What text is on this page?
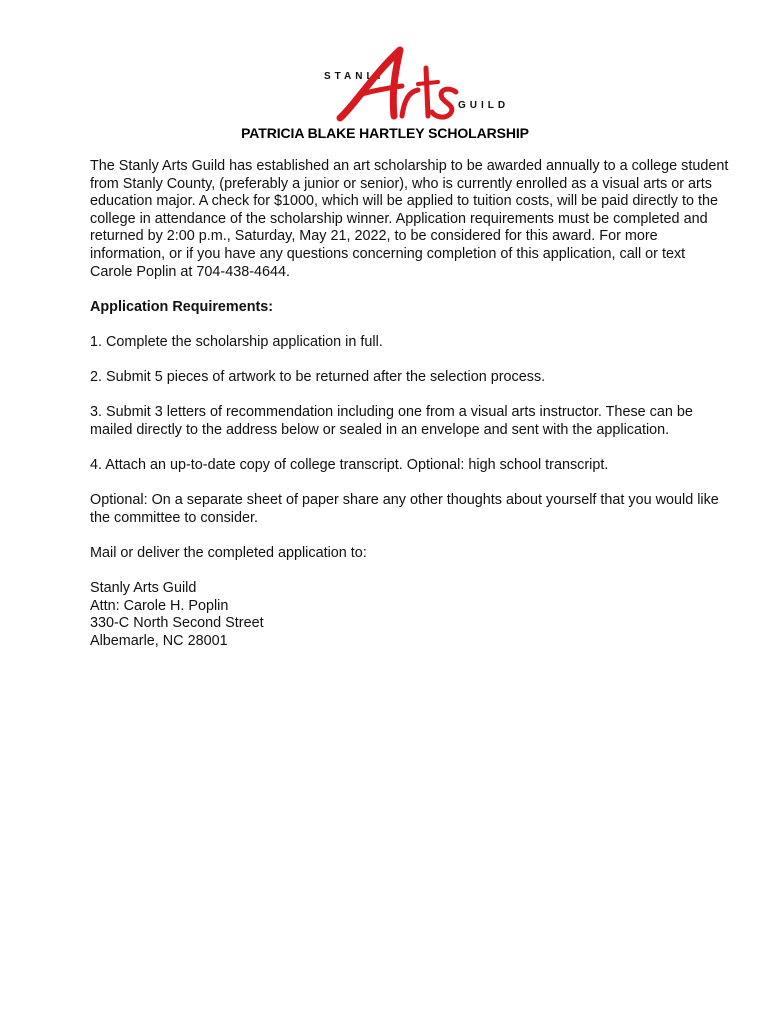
STANLY
GUILD
PATRICIA BLAKE HARTLEY SCHOLARSHIP

The Stanly Arts Guild has established an art scholarship to be awarded annually to a college student from Stanly County, (preferably a junior or senior), who is currently enrolled as a visual arts or arts education major. A check for $1000, which will be applied to tuition costs, will be paid directly to the college in attendance of the scholarship winner. Application requirements must be completed and returned by 2:00 p.m., Saturday, May 21, 2022, to be considered for this award. For more information, or if you have any questions concerning completion of this application, call or text Carole Poplin at 704-438-4644.

Application Requirements:

1. Complete the scholarship application in full.

2. Submit 5 pieces of artwork to be returned after the selection process.

3. Submit 3 letters of recommendation including one from a visual arts instructor. These can be mailed directly to the address below or sealed in an envelope and sent with the application.

4. Attach an up-to-date copy of college transcript. Optional: high school transcript.

Optional: On a separate sheet of paper share any other thoughts about yourself that you would like the committee to consider.

Mail or deliver the completed application to:

Stanly Arts Guild
Attn: Carole H. Poplin
330-C North Second Street
Albemarle, NC 28001
